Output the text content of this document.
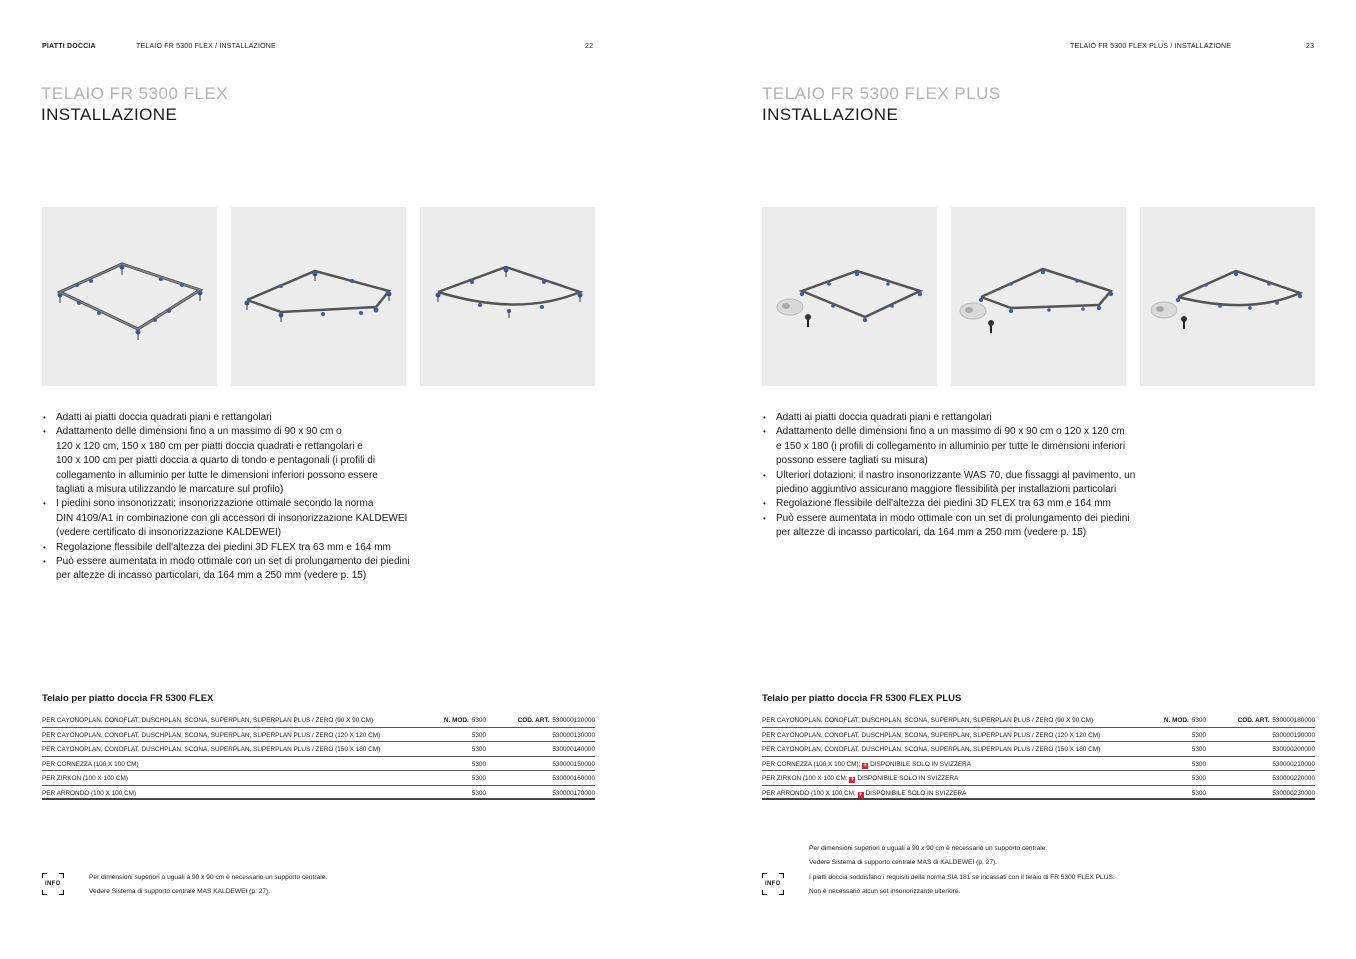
PIATTI DOCCIA	TELAIO FR 5300 FLEX / INSTALLAZIONE	22
TELAIO FR 5300 FLEX
INSTALLAZIONE
• Adatti ai piatti doccia quadrati piani e rettangolari
• Adattamento delle dimensioni fino a un massimo di 90 x 90 cm o
120 x 120 cm, 150 x 180 cm per piatti doccia quadrati e rettangolari e
100 x 100 cm per piatti doccia a quarto di tondo e pentagonali (i profili di
collegamento in alluminio per tutte le dimensioni inferiori possono essere
tagliati a misura utilizzando le marcature sul profilo)
• I piedini sono insonorizzati; insonorizzazione ottimale secondo la norma
DIN 4109/A1 in combinazione con gli accessori di insonorizzazione KALDEWEI
(vedere certificato di insonorizzazione KALDEWEI)
• Regolazione flessibile dell'altezza dei piedini 3D FLEX tra 63 mm e 164 mm
• Può essere aumentata in modo ottimale con un set di prolungamento dei piedini
per altezze di incasso particolari, da 164 mm a 250 mm (vedere p. 15)
Telaio per piatto doccia FR 5300 FLEX
PER CAYONOPLAN, CONOFLAT, DUSCHPLAN, SCONA, SUPERPLAN, SUPERPLAN PLUS / ZERO (90 X 90 CM)	N. MOD. 5300	COD. ART. 530000120000
PER CAYONOPLAN, CONOFLAT, DUSCHPLAN, SCONA, SUPERPLAN, SUPERPLAN PLUS / ZERO (120 X 120 CM)	5300	530000130000
PER CAYONOPLAN, CONOFLAT, DUSCHPLAN, SCONA, SUPERPLAN, SUPERPLAN PLUS / ZERO (150 X 180 CM)	5300	530000140000
PER CORNEZZA (100 X 100 CM)	5300	530000150000
PER ZIRKON (100 X 100 CM)	5300	530000160000
PER ARRONDO (100 X 100 CM)	5300	530000170000
INFO
Per dimensioni superiori o uguali a 90 x 90 cm è necessario un supporto centrale.
Vedere Sistema di supporto centrale MAS KALDEWEI (p. 27).
TELAIO FR 5300 FLEX PLUS / INSTALLAZIONE	23
TELAIO FR 5300 FLEX PLUS
INSTALLAZIONE
• Adatti ai piatti doccia quadrati piani e rettangolari
• Adattamento delle dimensioni fino a un massimo di 90 x 90 cm o 120 x 120 cm
e 150 x 180 (i profili di collegamento in alluminio per tutte le dimensioni inferiori
possono essere tagliati su misura)
• Ulteriori dotazioni: il nastro insonorizzante WAS 70, due fissaggi al pavimento, un
piedino aggiuntivo assicurano maggiore flessibilità per installazioni particolari
• Regolazione flessibile dell'altezza dei piedini 3D FLEX tra 63 mm e 164 mm
• Può essere aumentata in modo ottimale con un set di prolungamento dei piedini
per altezze di incasso particolari, da 164 mm a 250 mm (vedere p. 15)
Telaio per piatto doccia FR 5300 FLEX PLUS
PER CAYONOPLAN, CONOFLAT, DUSCHPLAN, SCONA, SUPERPLAN, SUPERPLAN PLUS / ZERO (90 X 90 CM)	N. MOD. 5300	COD. ART. 530000180000
PER CAYONOPLAN, CONOFLAT, DUSCHPLAN, SCONA, SUPERPLAN, SUPERPLAN PLUS / ZERO (120 X 120 CM)	5300	530000190000
PER CAYONOPLAN, CONOFLAT, DUSCHPLAN, SCONA, SUPERPLAN, SUPERPLAN PLUS / ZERO (150 X 180 CM)	5300	530000200000
PER CORNEZZA (100 X 100 CM); + DISPONIBILE SOLO IN SVIZZERA	5300	530000210000
PER ZIRKON (100 X 100 CM; + DISPONIBILE SOLO IN SVIZZERA	5300	530000220000
PER ARRONDO (100 X 100 CM; + DISPONIBILE SOLO IN SVIZZERA	5300	530000230000
Per dimensioni superiori o uguali a 90 x 90 cm è necessario un supporto centrale.
Vedere Sistema di supporto centrale MAS di KALDEWEI (p. 27).
INFO
I piatti doccia soddisfano i requisiti della norma SIA 181 se incassati con il telaio di FR 5300 FLEX PLUS.
Non è necessario alcun set insonorizzante ulteriore.
